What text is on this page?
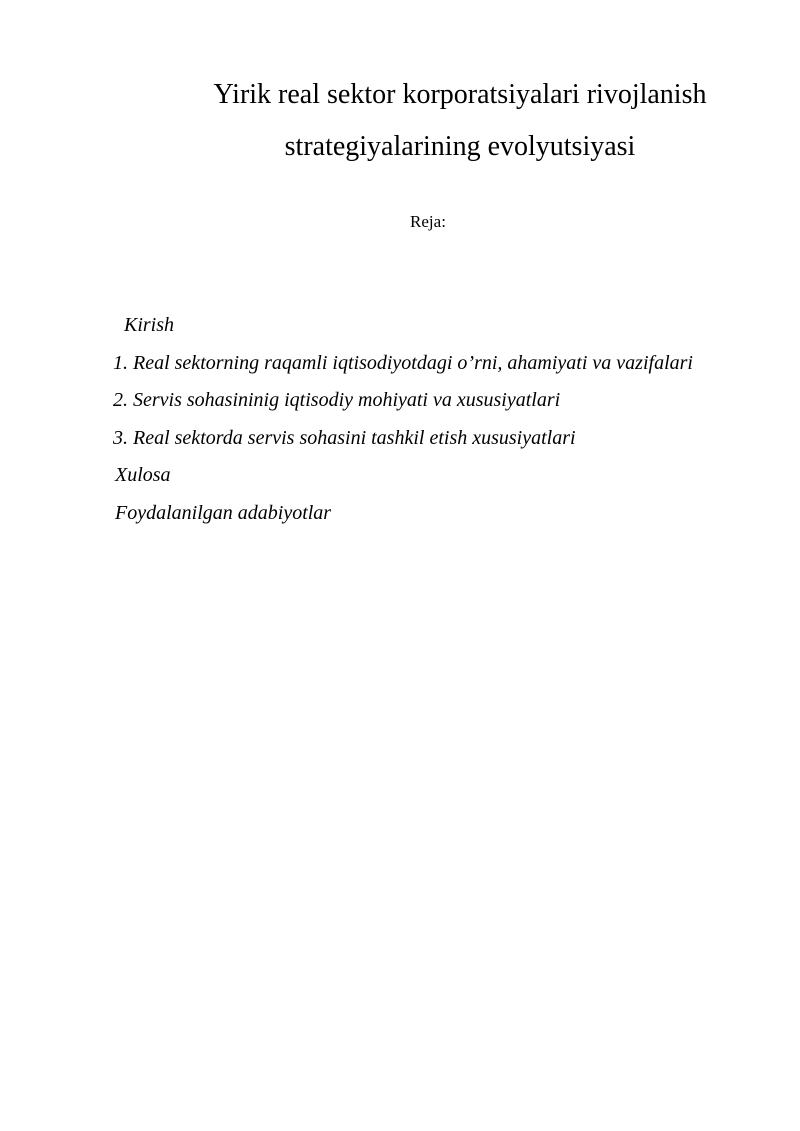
Yirik real sektor korporatsiyalari rivojlanish
strategiyalarining evolyutsiyasi
Reja:
Kirish
1. Real sektorning raqamli iqtisodiyotdagi o’rni, ahamiyati va vazifalari
2. Servis sohasininig iqtisodiy mohiyati va xususiyatlari
3. Real sektorda servis sohasini tashkil etish xususiyatlari
Xulosa
Foydalanilgan adabiyotlar
